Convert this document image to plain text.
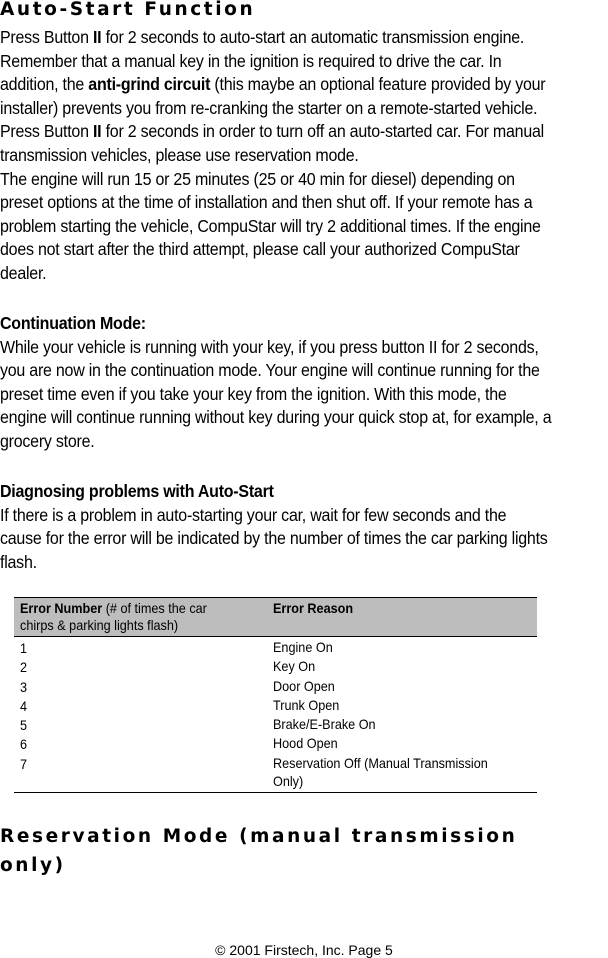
Auto-Start Function

Press Button II for 2 seconds to auto-start an automatic transmission engine.

Remember that a manual key in the ignition is required to drive the car. In

addition, the anti-grind circuit (this maybe an optional feature provided by your

installer) prevents you from re-cranking the starter on a remote-started vehicle.

Press Button II for 2 seconds in order to turn off an auto-started car. For manual

transmission vehicles, please use reservation mode.

The engine will run 15 or 25 minutes (25 or 40 min for diesel) depending on

preset options at the time of installation and then shut off. If your remote has a

problem starting the vehicle, CompuStar will try 2 additional times. If the engine

does not start after the third attempt, please call your authorized CompuStar

dealer.

Continuation Mode:

While your vehicle is running with your key, if you press button II for 2 seconds,

you are now in the continuation mode. Your engine will continue running for the

preset time even if you take your key from the ignition. With this mode, the

engine will continue running without key during your quick stop at, for example, a

grocery store.

Diagnosing problems with Auto-Start

If there is a problem in auto-starting your car, wait for few seconds and the

cause for the error will be indicated by the number of times the car parking lights

flash.

Error Number (# of times the car
chirps & parking lights flash)	Error Reason
1	Engine On
2	Key On
3	Door Open
4	Trunk Open
5	Brake/E-Brake On
6	Hood Open
7	Reservation Off (Manual Transmission Only)
Reservation Mode (manual transmission only)
© 2001 Firstech, Inc. Page 5
